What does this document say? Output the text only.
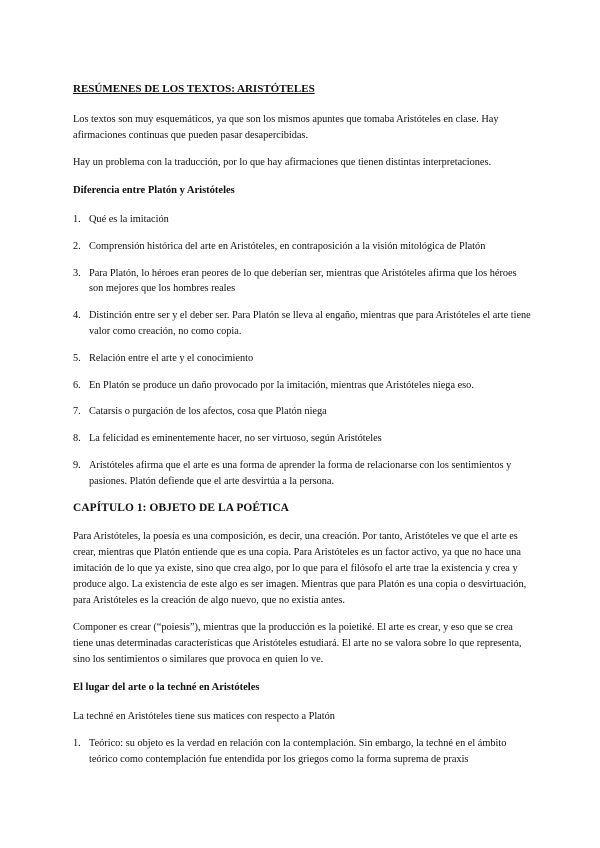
RESÚMENES DE LOS TEXTOS: ARISTÓTELES

Los textos son muy esquemáticos, ya que son los mismos apuntes que tomaba Aristóteles en clase. Hay afirmaciones continuas que pueden pasar desapercibidas.

Hay un problema con la traducción, por lo que hay afirmaciones que tienen distintas interpretaciones.

Diferencia entre Platón y Aristóteles
1. Qué es la imitación
2. Comprensión histórica del arte en Aristóteles, en contraposición a la visión mitológica de Platón
3. Para Platón, lo héroes eran peores de lo que deberían ser, mientras que Aristóteles afirma que los héroes son mejores que los hombres reales
4. Distinción entre ser y el deber ser. Para Platón se lleva al engaño, mientras que para Aristóteles el arte tiene valor como creación, no como copia.
5. Relación entre el arte y el conocimiento
6. En Platón se produce un daño provocado por la imitación, mientras que Aristóteles niega eso.
7. Catarsis o purgación de los afectos, cosa que Platón niega
8. La felicidad es eminentemente hacer, no ser virtuoso, según Aristóteles
9. Aristóteles afirma que el arte es una forma de aprender la forma de relacionarse con los sentimientos y pasiones. Platón defiende que el arte desvirtúa a la persona.
CAPÍTULO 1: OBJETO DE LA POÉTICA

Para Aristóteles, la poesía es una composición, es decir, una creación. Por tanto, Aristóteles ve que el arte es crear, mientras que Platón entiende que es una copia. Para Aristóteles es un factor activo, ya que no hace una imitación de lo que ya existe, sino que crea algo, por lo que para el filósofo el arte trae la existencia y crea y produce algo. La existencia de este algo es ser imagen. Mientras que para Platón es una copia o desvirtuación, para Aristóteles es la creación de algo nuevo, que no existía antes.

Componer es crear (“poiesis”), mientras que la producción es la poietiké. El arte es crear, y eso que se crea tiene unas determinadas características que Aristóteles estudiará. El arte no se valora sobre lo que representa, sino los sentimientos o similares que provoca en quien lo ve.

El lugar del arte o la techné en Aristóteles

La techné en Aristóteles tiene sus matices con respecto a Platón

1. Teórico: su objeto es la verdad en relación con la contemplación. Sin embargo, la techné en el ámbito teórico como contemplación fue entendida por los griegos como la forma suprema de praxis
